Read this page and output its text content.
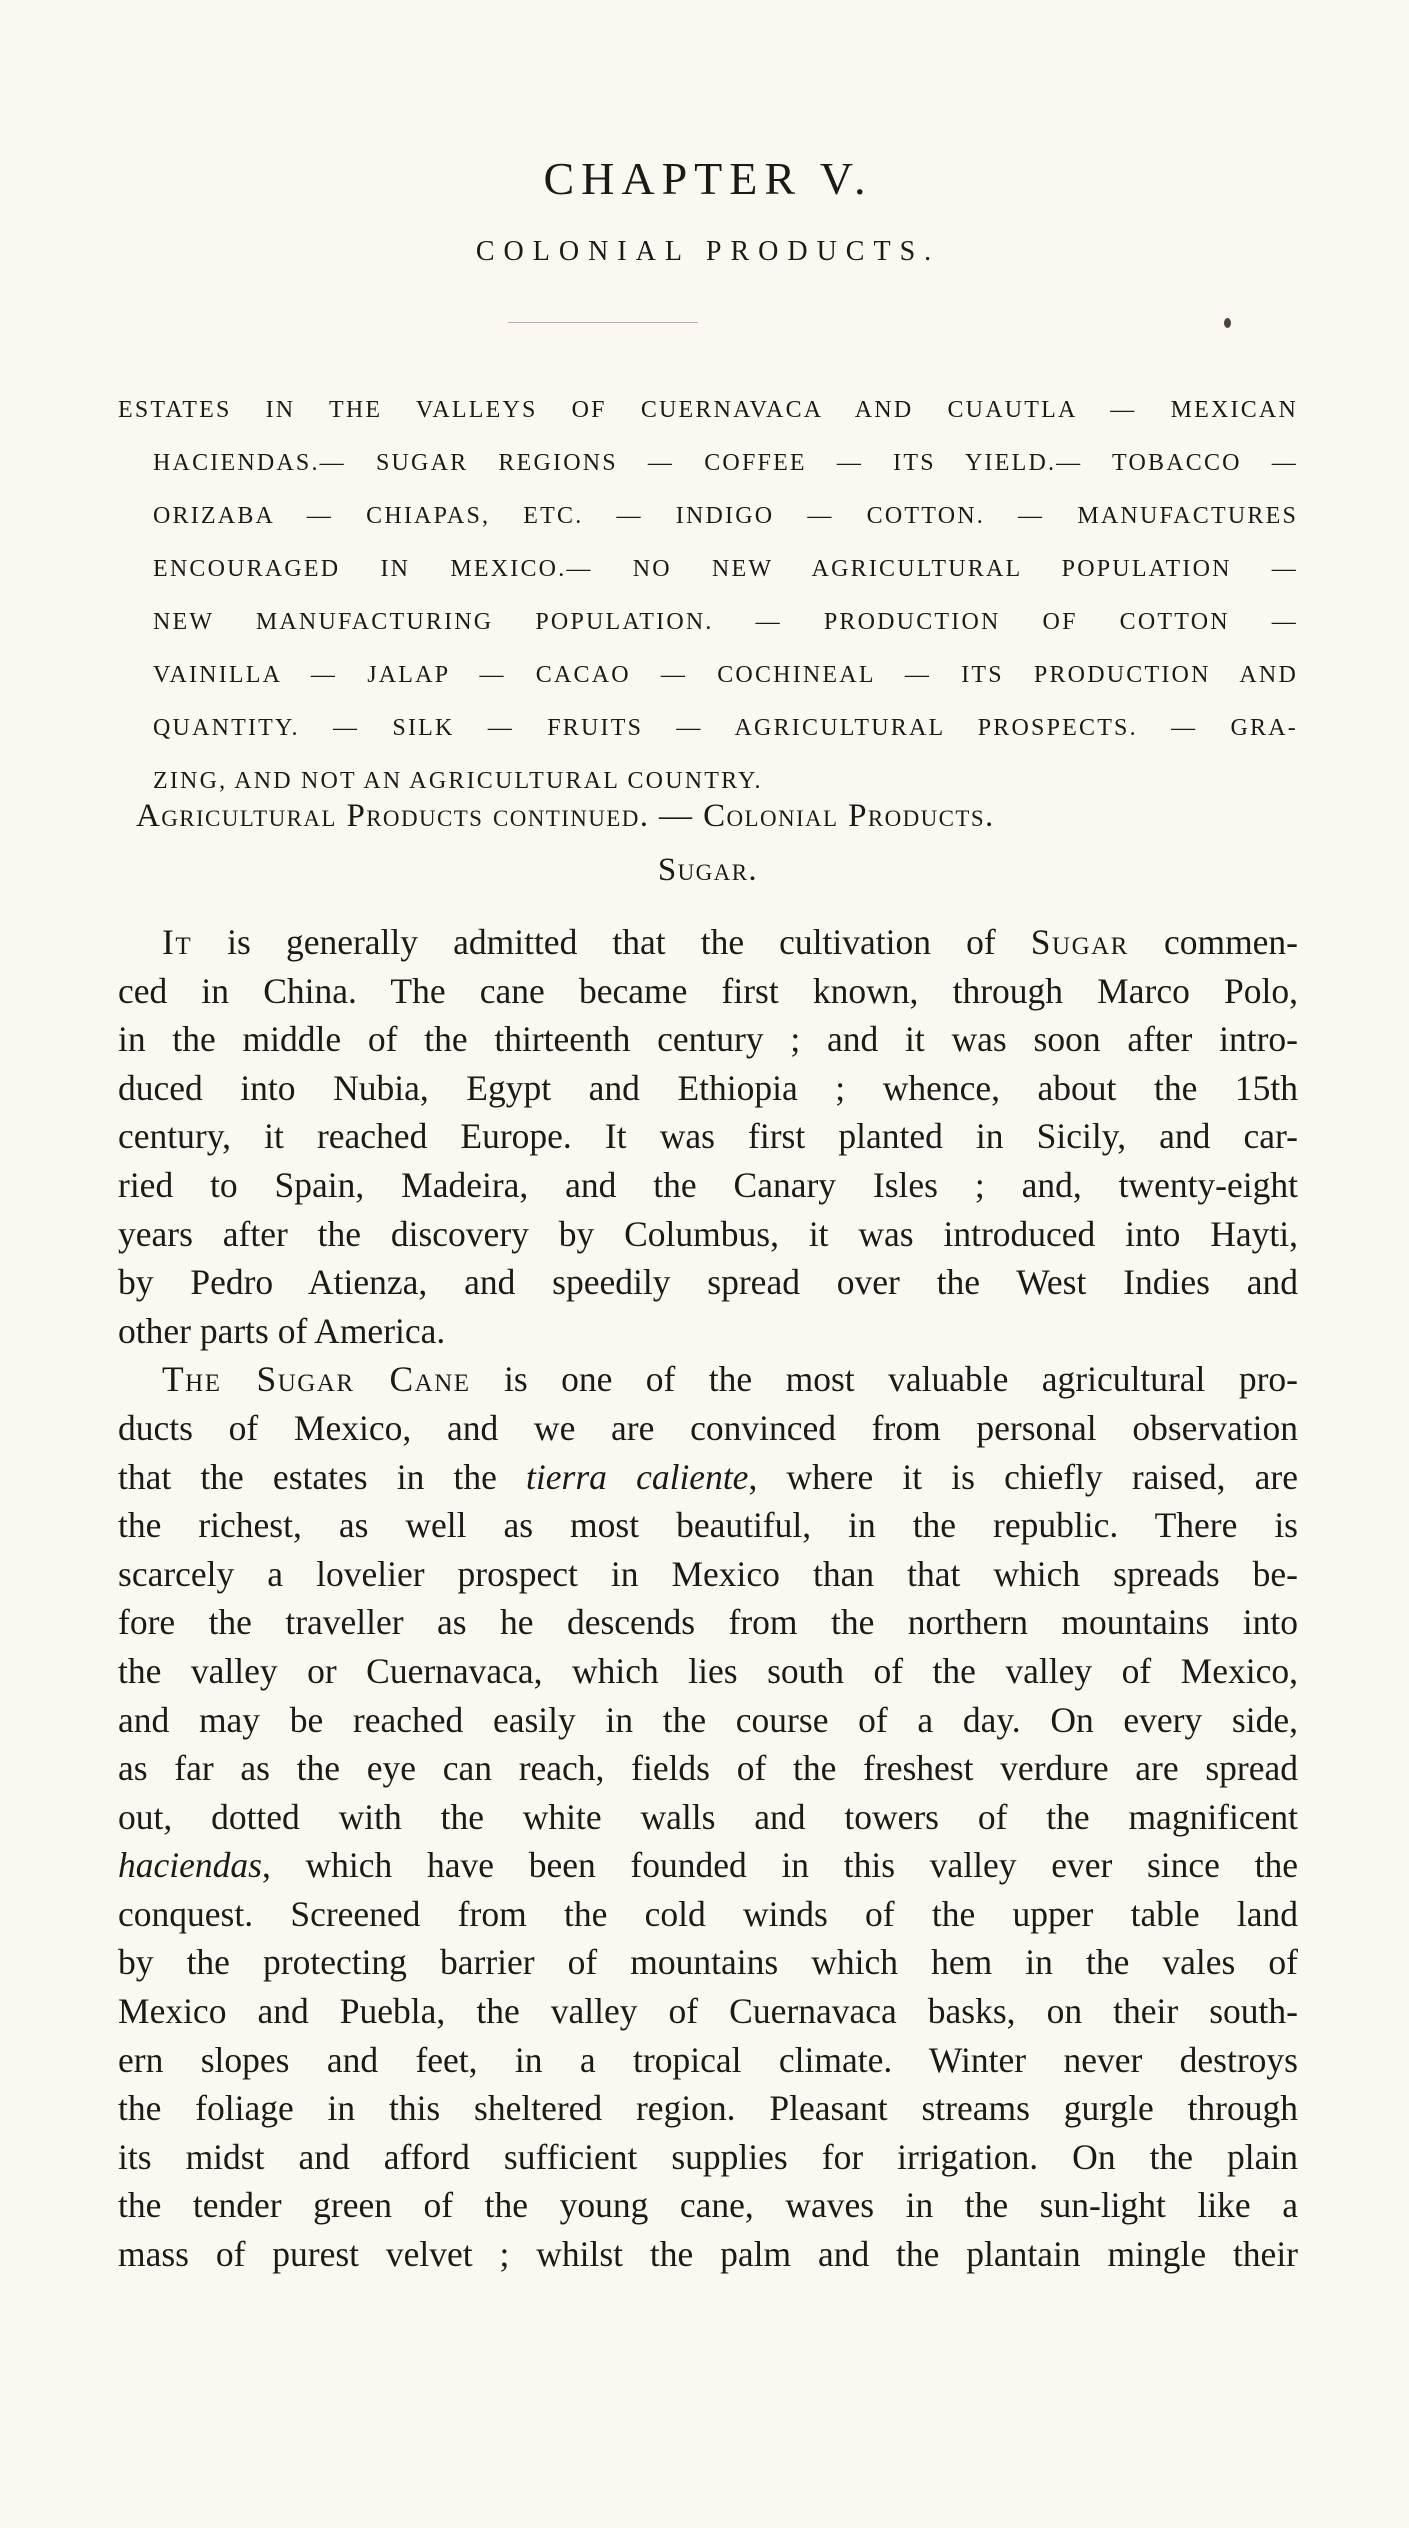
CHAPTER V.
COLONIAL PRODUCTS.
ESTATES IN THE VALLEYS OF CUERNAVACA AND CUAUTLA — MEXICAN
HACIENDAS.— SUGAR REGIONS — COFFEE — ITS YIELD.— TOBACCO —
ORIZABA — CHIAPAS, ETC. — INDIGO — COTTON. — MANUFACTURES
ENCOURAGED IN MEXICO.— NO NEW AGRICULTURAL POPULATION —
NEW MANUFACTURING POPULATION. — PRODUCTION OF COTTON —
VAINILLA — JALAP — CACAO — COCHINEAL — ITS PRODUCTION AND
QUANTITY. — SILK — FRUITS — AGRICULTURAL PROSPECTS. — GRA-
ZING, AND NOT AN AGRICULTURAL COUNTRY.
Agricultural Products continued. — Colonial Products.
Sugar.
It is generally admitted that the cultivation of Sugar commen-
ced in China. The cane became first known, through Marco Polo,
in the middle of the thirteenth century ; and it was soon after intro-
duced into Nubia, Egypt and Ethiopia ; whence, about the 15th
century, it reached Europe. It was first planted in Sicily, and car-
ried to Spain, Madeira, and the Canary Isles ; and, twenty-eight
years after the discovery by Columbus, it was introduced into Hayti,
by Pedro Atienza, and speedily spread over the West Indies and
other parts of America.
The Sugar Cane is one of the most valuable agricultural pro-
ducts of Mexico, and we are convinced from personal observation
that the estates in the tierra caliente, where it is chiefly raised, are
the richest, as well as most beautiful, in the republic. There is
scarcely a lovelier prospect in Mexico than that which spreads be-
fore the traveller as he descends from the northern mountains into
the valley or Cuernavaca, which lies south of the valley of Mexico,
and may be reached easily in the course of a day. On every side,
as far as the eye can reach, fields of the freshest verdure are spread
out, dotted with the white walls and towers of the magnificent
haciendas, which have been founded in this valley ever since the
conquest. Screened from the cold winds of the upper table land
by the protecting barrier of mountains which hem in the vales of
Mexico and Puebla, the valley of Cuernavaca basks, on their south-
ern slopes and feet, in a tropical climate. Winter never destroys
the foliage in this sheltered region. Pleasant streams gurgle through
its midst and afford sufficient supplies for irrigation. On the plain
the tender green of the young cane, waves in the sun-light like a
mass of purest velvet ; whilst the palm and the plantain mingle their
